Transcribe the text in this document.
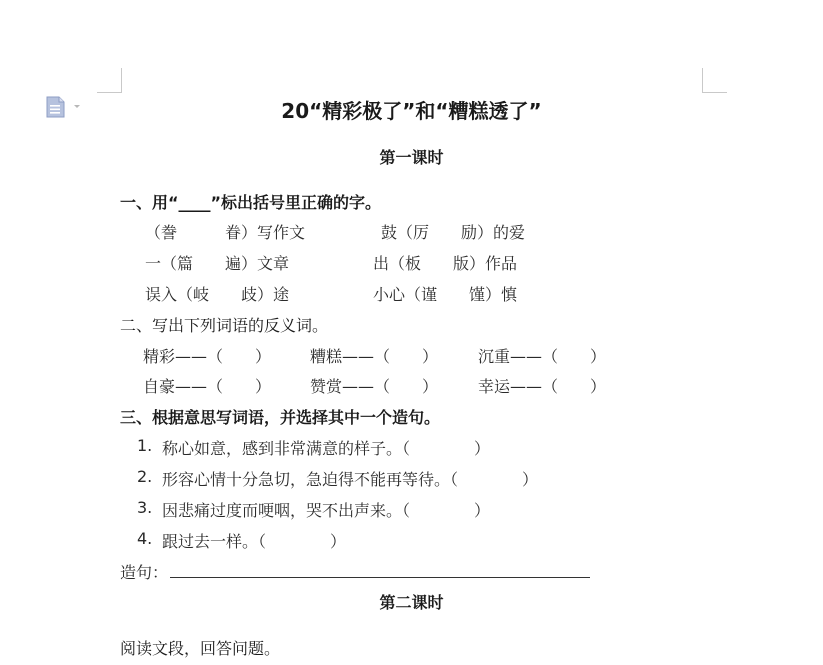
20“精彩极了”和“糟糕透了”
第一课时
一、用“____”标出括号里正确的字。
（誊　　　眷）写作文	鼓（厉　　励）的爱
一（篇　　遍）文章	出（板　　版）作品
误入（岐　　歧）途	小心（谨　　馑）慎
二、写出下列词语的反义词。
精彩——（　　） 糟糕——（　　） 沉重——（　　）
自豪——（　　） 赞赏——（　　） 幸运——（　　）
三、根据意思写词语，并选择其中一个造句。
1. 称心如意，感到非常满意的样子。（　　　　）
2. 形容心情十分急切，急迫得不能再等待。（　　　　）
3. 因悲痛过度而哽咽，哭不出声来。（　　　　）
4. 跟过去一样。（　　　　）
造句：
第二课时
阅读文段，回答问题。
